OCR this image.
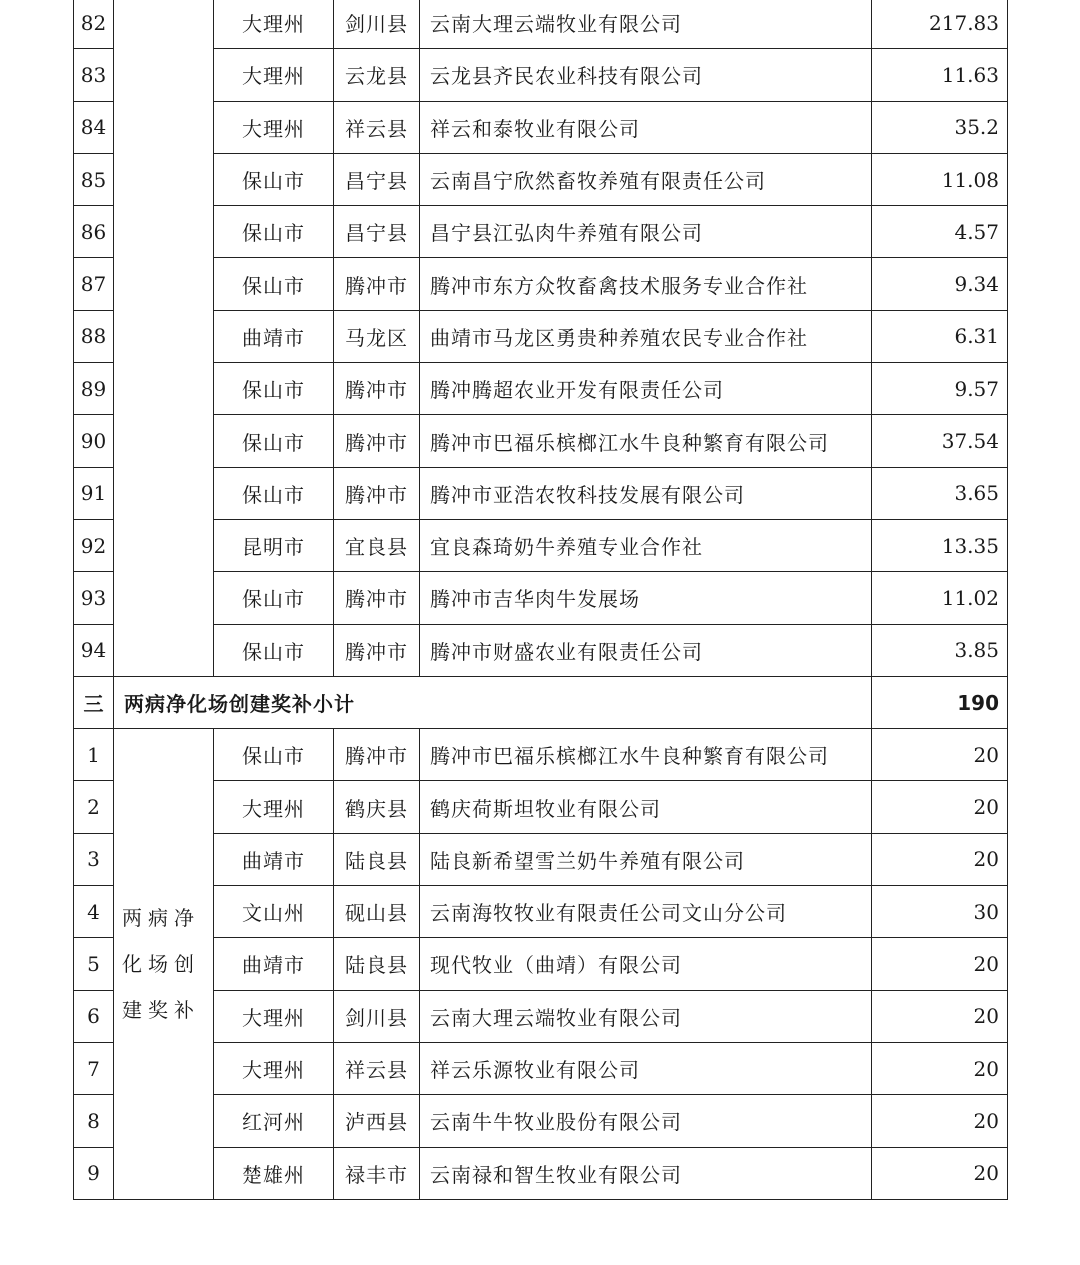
82		大理州	剑川县	云南大理云端牧业有限公司	217.83
83		大理州	云龙县	云龙县齐民农业科技有限公司	11.63
84		大理州	祥云县	祥云和泰牧业有限公司	35.2
85		保山市	昌宁县	云南昌宁欣然畜牧养殖有限责任公司	11.08
86		保山市	昌宁县	昌宁县江弘肉牛养殖有限公司	4.57
87		保山市	腾冲市	腾冲市东方众牧畜禽技术服务专业合作社	9.34
88		曲靖市	马龙区	曲靖市马龙区勇贵种养殖农民专业合作社	6.31
89		保山市	腾冲市	腾冲腾超农业开发有限责任公司	9.57
90		保山市	腾冲市	腾冲市巴福乐槟榔江水牛良种繁育有限公司	37.54
91		保山市	腾冲市	腾冲市亚浩农牧科技发展有限公司	3.65
92		昆明市	宜良县	宜良森琦奶牛养殖专业合作社	13.35
93		保山市	腾冲市	腾冲市吉华肉牛发展场	11.02
94		保山市	腾冲市	腾冲市财盛农业有限责任公司	3.85
三	两病净化场创建奖补小计				190
1	两病净化场创建奖补	保山市	腾冲市	腾冲市巴福乐槟榔江水牛良种繁育有限公司	20
2		大理州	鹤庆县	鹤庆荷斯坦牧业有限公司	20
3		曲靖市	陆良县	陆良新希望雪兰奶牛养殖有限公司	20
4		文山州	砚山县	云南海牧牧业有限责任公司文山分公司	30
5		曲靖市	陆良县	现代牧业（曲靖）有限公司	20
6		大理州	剑川县	云南大理云端牧业有限公司	20
7		大理州	祥云县	祥云乐源牧业有限公司	20
8		红河州	泸西县	云南牛牛牧业股份有限公司	20
9		楚雄州	禄丰市	云南禄和智生牧业有限公司	20
